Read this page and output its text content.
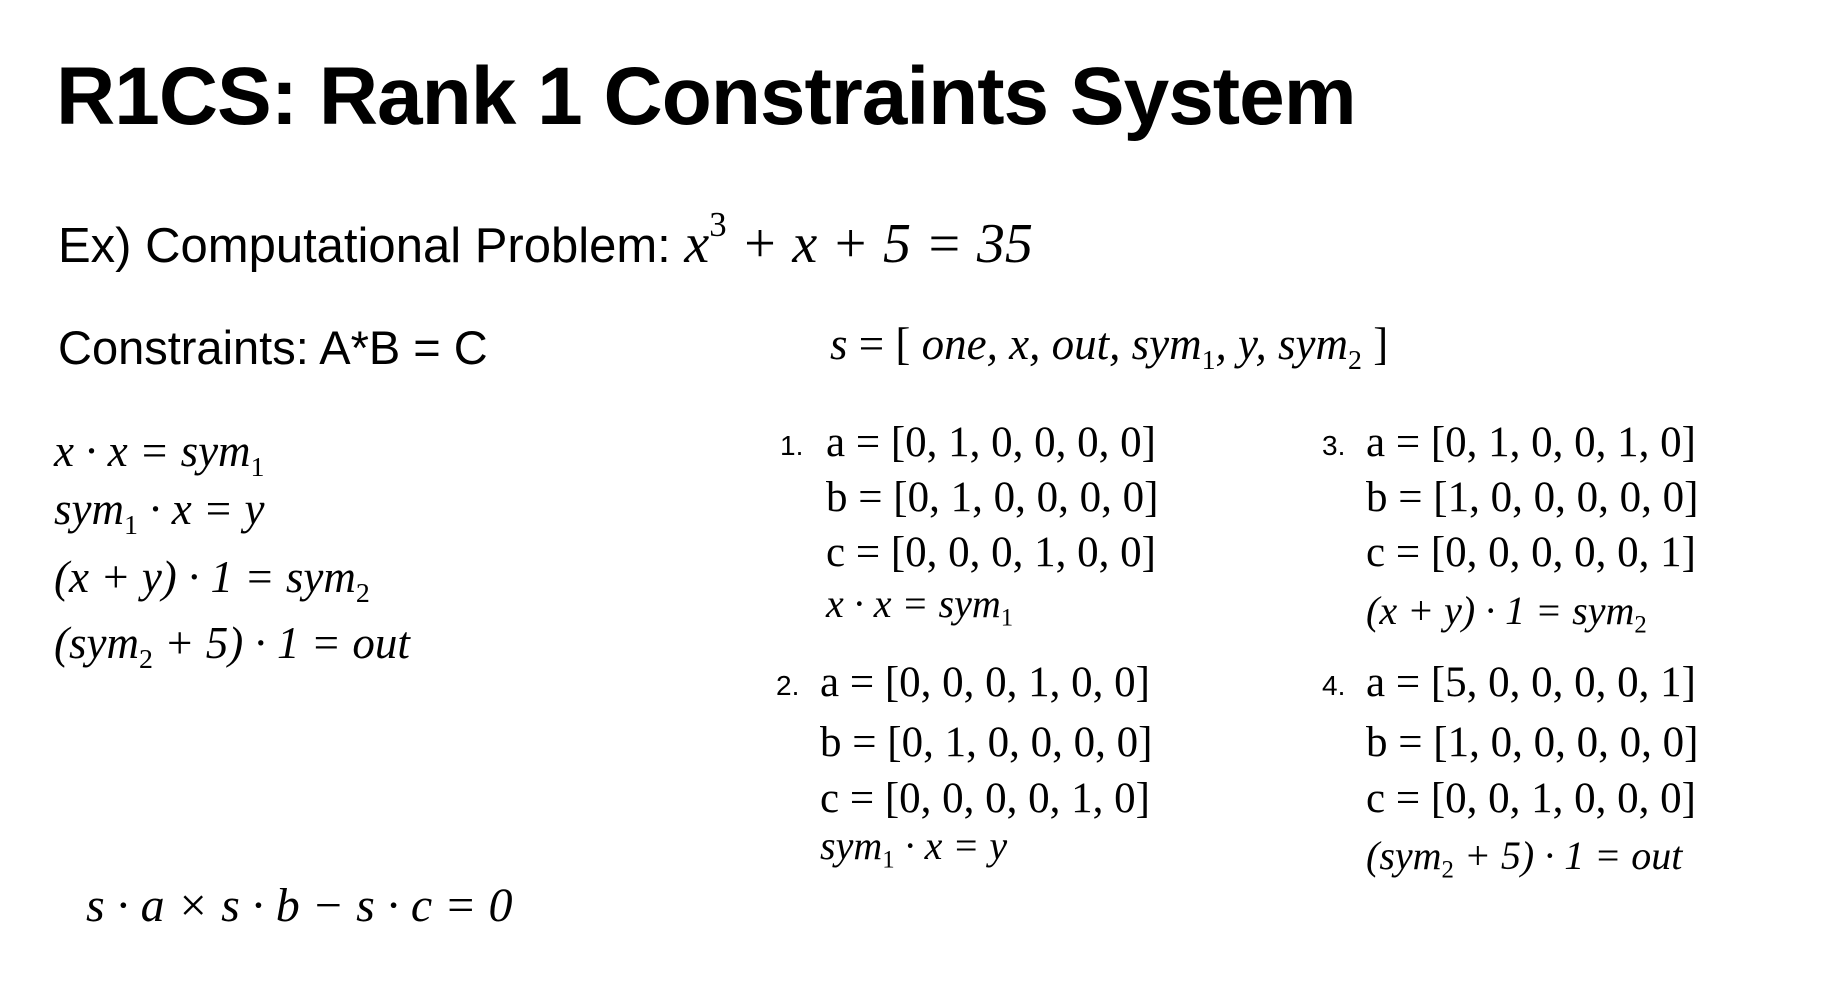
R1CS: Rank 1 Constraints System
Ex) Computational Problem: $x^3 + x + 5 = 35$
Constraints: A*B = C	s = [ one, x, out, sym$_1$, y, sym$_2$ ]
x · x = sym$_1$
sym$_1$ · x = y
(x + y) · 1 = sym$_2$
(sym$_2$ + 5) · 1 = out
1. a = [0, 1, 0, 0, 0, 0]
b = [0, 1, 0, 0, 0, 0]
c = [0, 0, 0, 1, 0, 0]
x · x = sym$_1$
2. a = [0, 0, 0, 1, 0, 0]
b = [0, 1, 0, 0, 0, 0]
c = [0, 0, 0, 0, 1, 0]
sym$_1$ · x = y
3. a = [0, 1, 0, 0, 1, 0]
b = [1, 0, 0, 0, 0, 0]
c = [0, 0, 0, 0, 0, 1]
(x + y) · 1 = sym$_2$
4. a = [5, 0, 0, 0, 0, 1]
b = [1, 0, 0, 0, 0, 0]
c = [0, 0, 1, 0, 0, 0]
(sym$_2$ + 5) · 1 = out
s · a × s · b − s · c = 0
